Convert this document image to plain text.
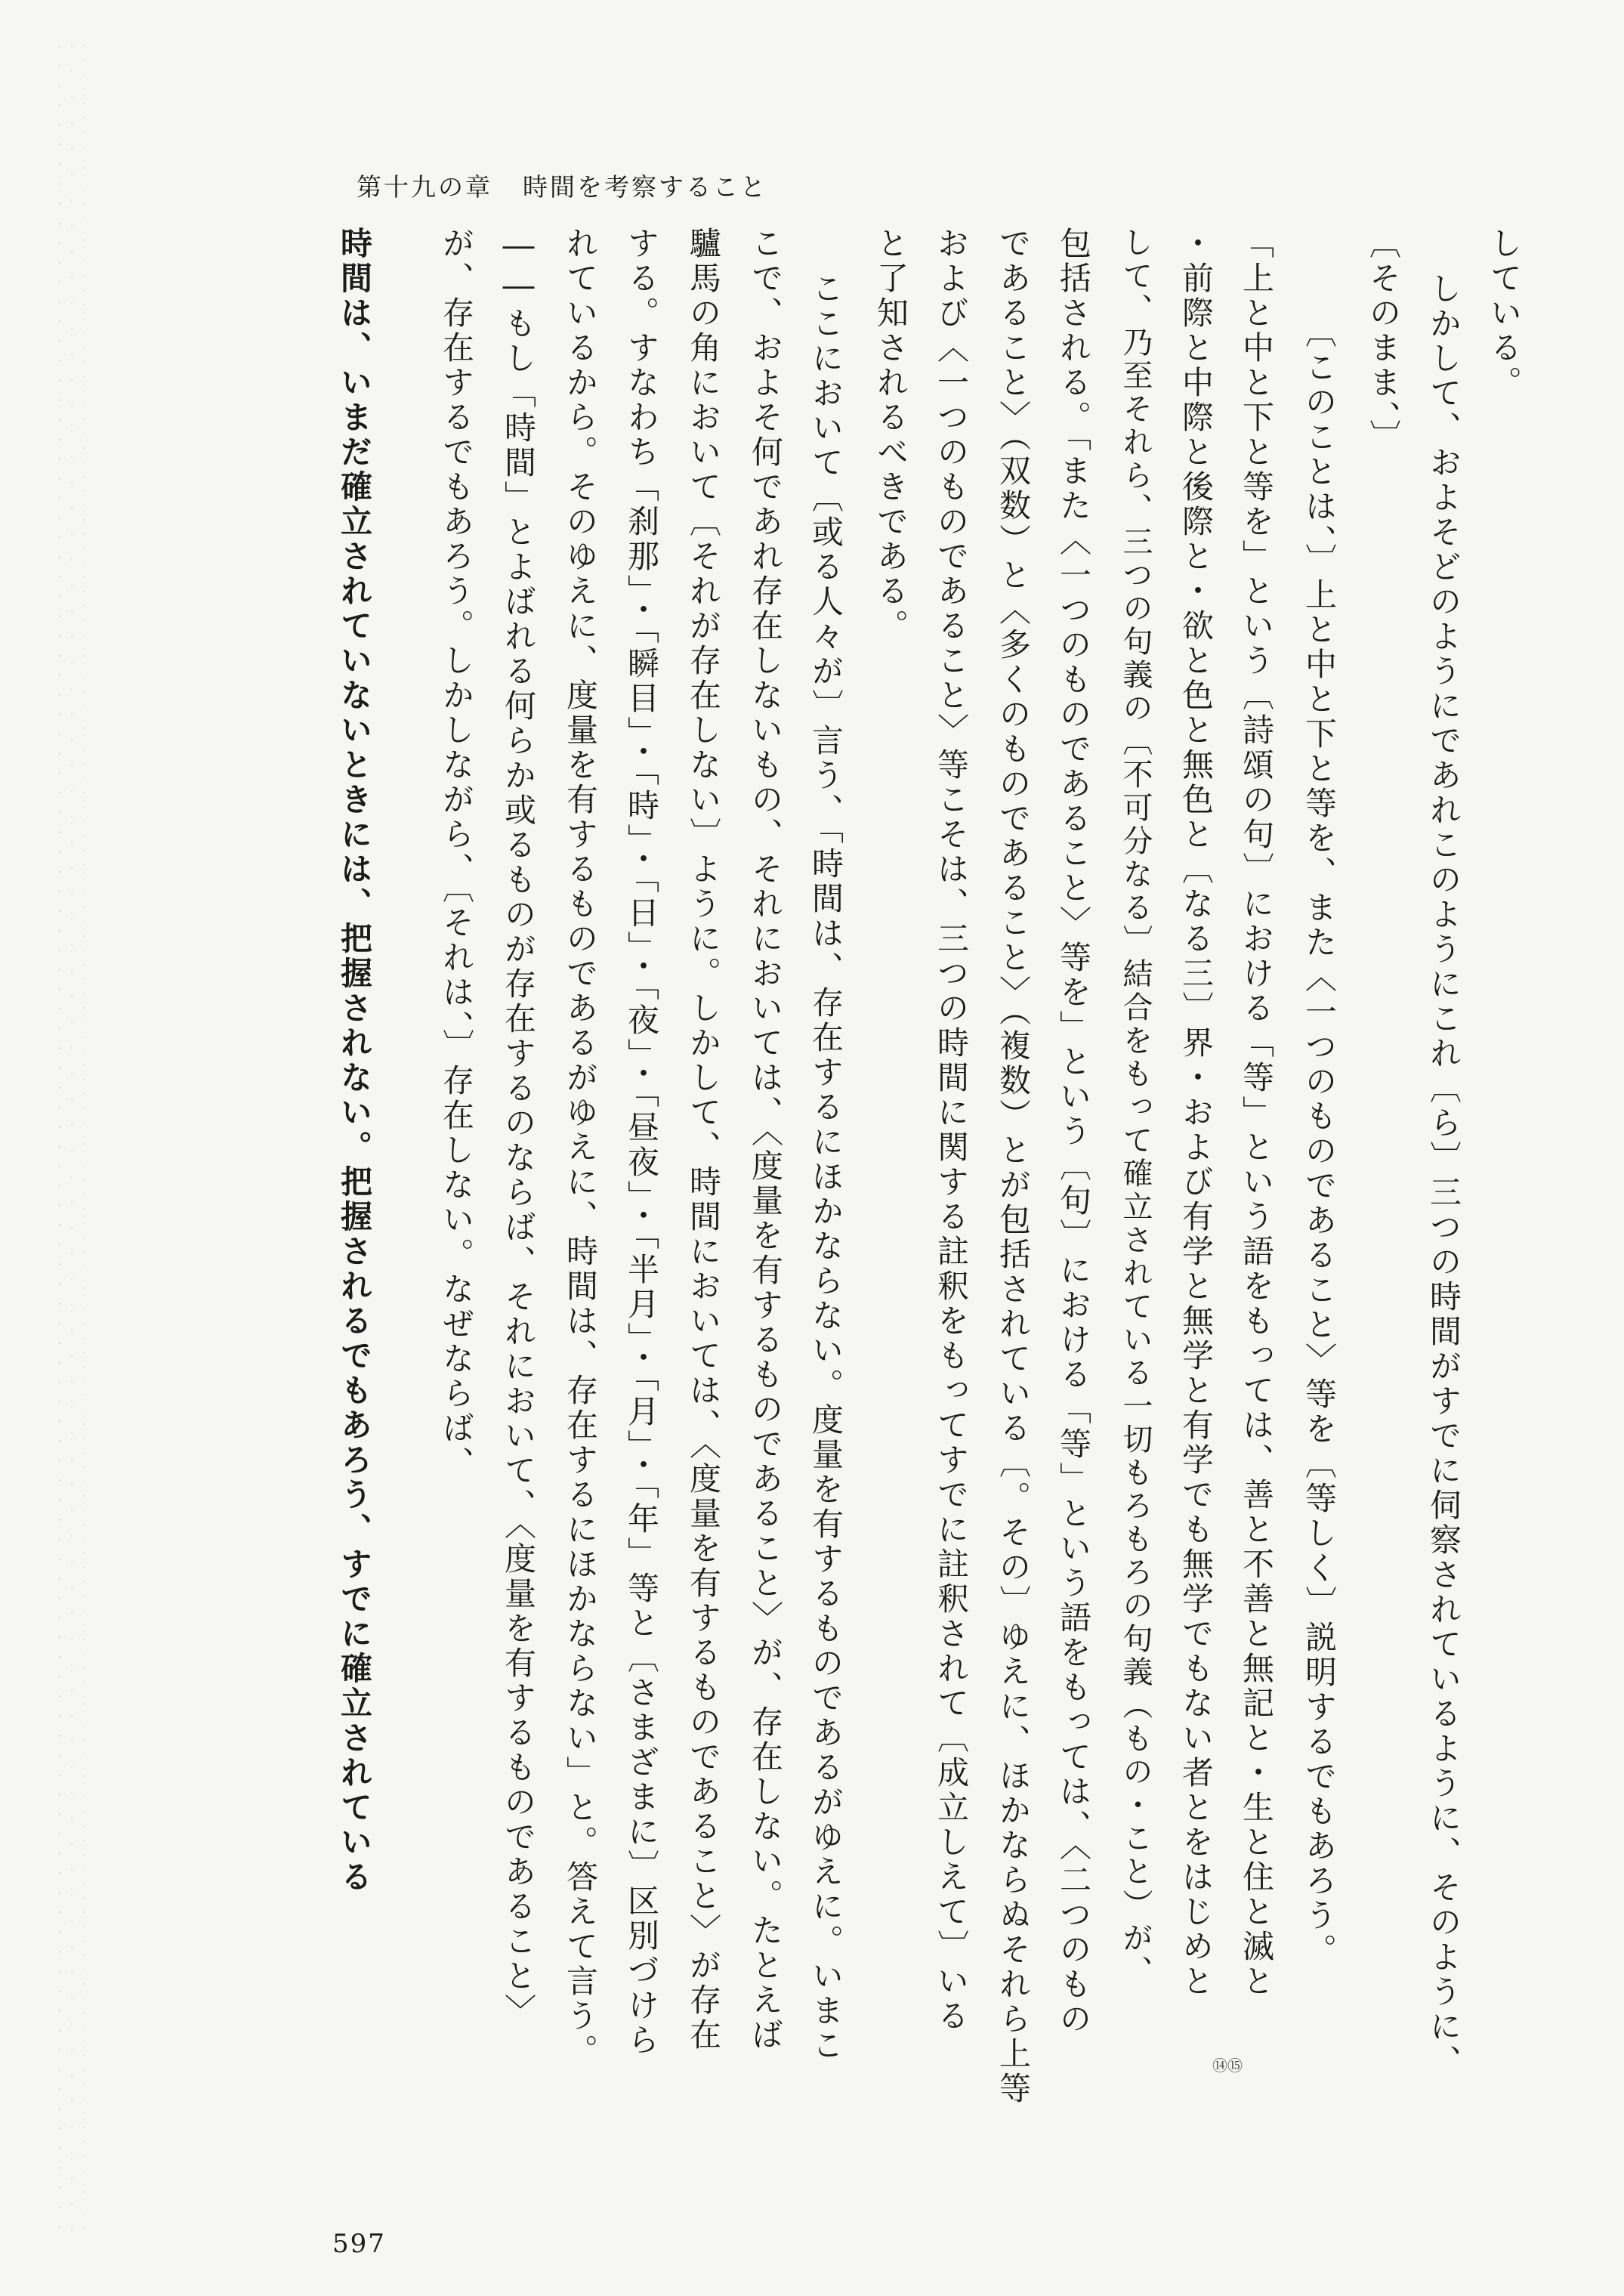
第十九の章 時間を考察すること
している。
しかして、およそどのようにであれこのようにこれ〔ら〕三つの時間がすでに伺察されているように、そのように、
〔そのまま、〕
〔このことは、〕上と中と下と等を、また〈一つのものであること〉等を〔等しく〕説明するでもあろう。
「上と中と下と等を」という〔詩頌の句〕における「等」という語をもっては、善と不善と無記と・生と住と滅と
・前際と中際と後際と・欲と色と無色と〔なる三〕界・および有学と無学と有学でも無学でもない者とをはじめと
して、乃至それら、三つの句義の〔不可分なる〕結合をもって確立されている一切もろもろの句義（もの・こと）が、
包括される。「また〈一つのものであること〉等を」という〔句〕における「等」という語をもっては、〈二つのもの
であること〉（双数）と〈多くのものであること〉（複数）とが包括されている〔。その〕ゆえに、ほかならぬそれら上等
および〈一つのものであること〉等こそは、三つの時間に関する註釈をもってすでに註釈されて〔成立しえて〕いる
と了知されるべきである。
ここにおいて〔或る人々が〕言う、「時間は、存在するにほかならない。度量を有するものであるがゆえに。いまこ
こで、およそ何であれ存在しないもの、それにおいては、〈度量を有するものであること〉が、存在しない。たとえば
驢馬の角において〔それが存在しない〕ように。しかして、時間においては、〈度量を有するものであること〉が存在
する。すなわち「刹那」・「瞬目」・「時」・「日」・「夜」・「昼夜」・「半月」・「月」・「年」等と〔さまざまに〕区別づけら
れているから。そのゆえに、度量を有するものであるがゆえに、時間は、存在するにほかならない」と。答えて言う。
――もし「時間」とよばれる何らか或るものが存在するのならば、それにおいて、〈度量を有するものであること〉
が、存在するでもあろう。しかしながら、〔それは、〕存在しない。なぜならば、
時間は、いまだ確立されていないときには、把握されない。把握されるでもあろう、すでに確立されている
⑭⑮
597
